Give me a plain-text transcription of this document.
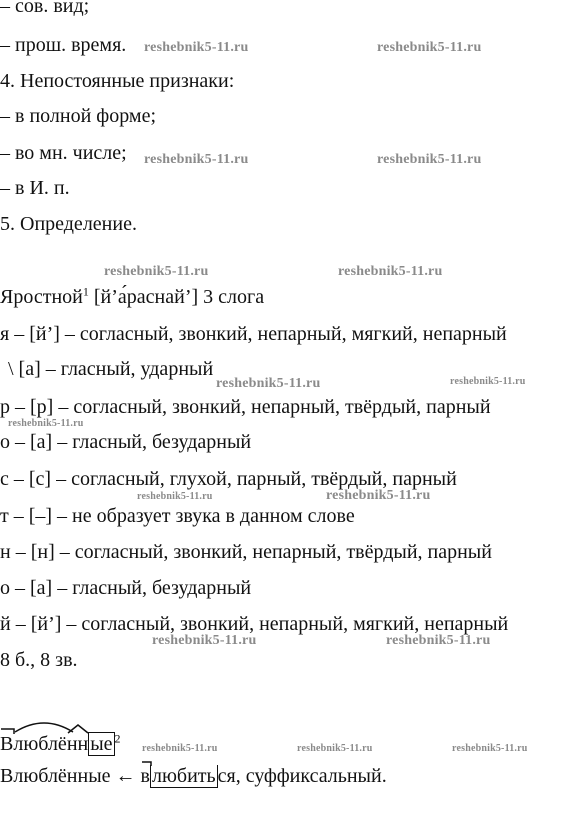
– сов. вид;
– прош. время.
4. Непостоянные признаки:
– в полной форме;
– во мн. числе;
– в И. п.
5. Определение.
Яростной$^1$ [й’а́раснай’] 3 слога
я – [й’] – согласный, звонкий, непарный, мягкий, непарный
\ [а] – гласный, ударный
р – [р] – согласный, звонкий, непарный, твёрдый, парный
о – [а] – гласный, безударный
с – [с] – согласный, глухой, парный, твёрдый, парный
т – [–] – не образует звука в данном слове
н – [н] – согласный, звонкий, непарный, твёрдый, парный
о – [а] – гласный, безударный
й – [й’] – согласный, звонкий, непарный, мягкий, непарный
8 б., 8 зв.
В
люблё
нн ые $^2$
Влюблённые ← в любить ся, суффиксальный.
reshebnik5-11.ru	reshebnik5-11.ru
reshebnik5-11.ru	reshebnik5-11.ru
reshebnik5-11.ru	reshebnik5-11.ru
reshebnik5-11.ru	reshebnik5-11.ru
reshebnik5-11.ru
reshebnik5-11.ru	reshebnik5-11.ru
reshebnik5-11.ru	reshebnik5-11.ru
reshebnik5-11.ru	reshebnik5-11.ru	reshebnik5-11.ru
